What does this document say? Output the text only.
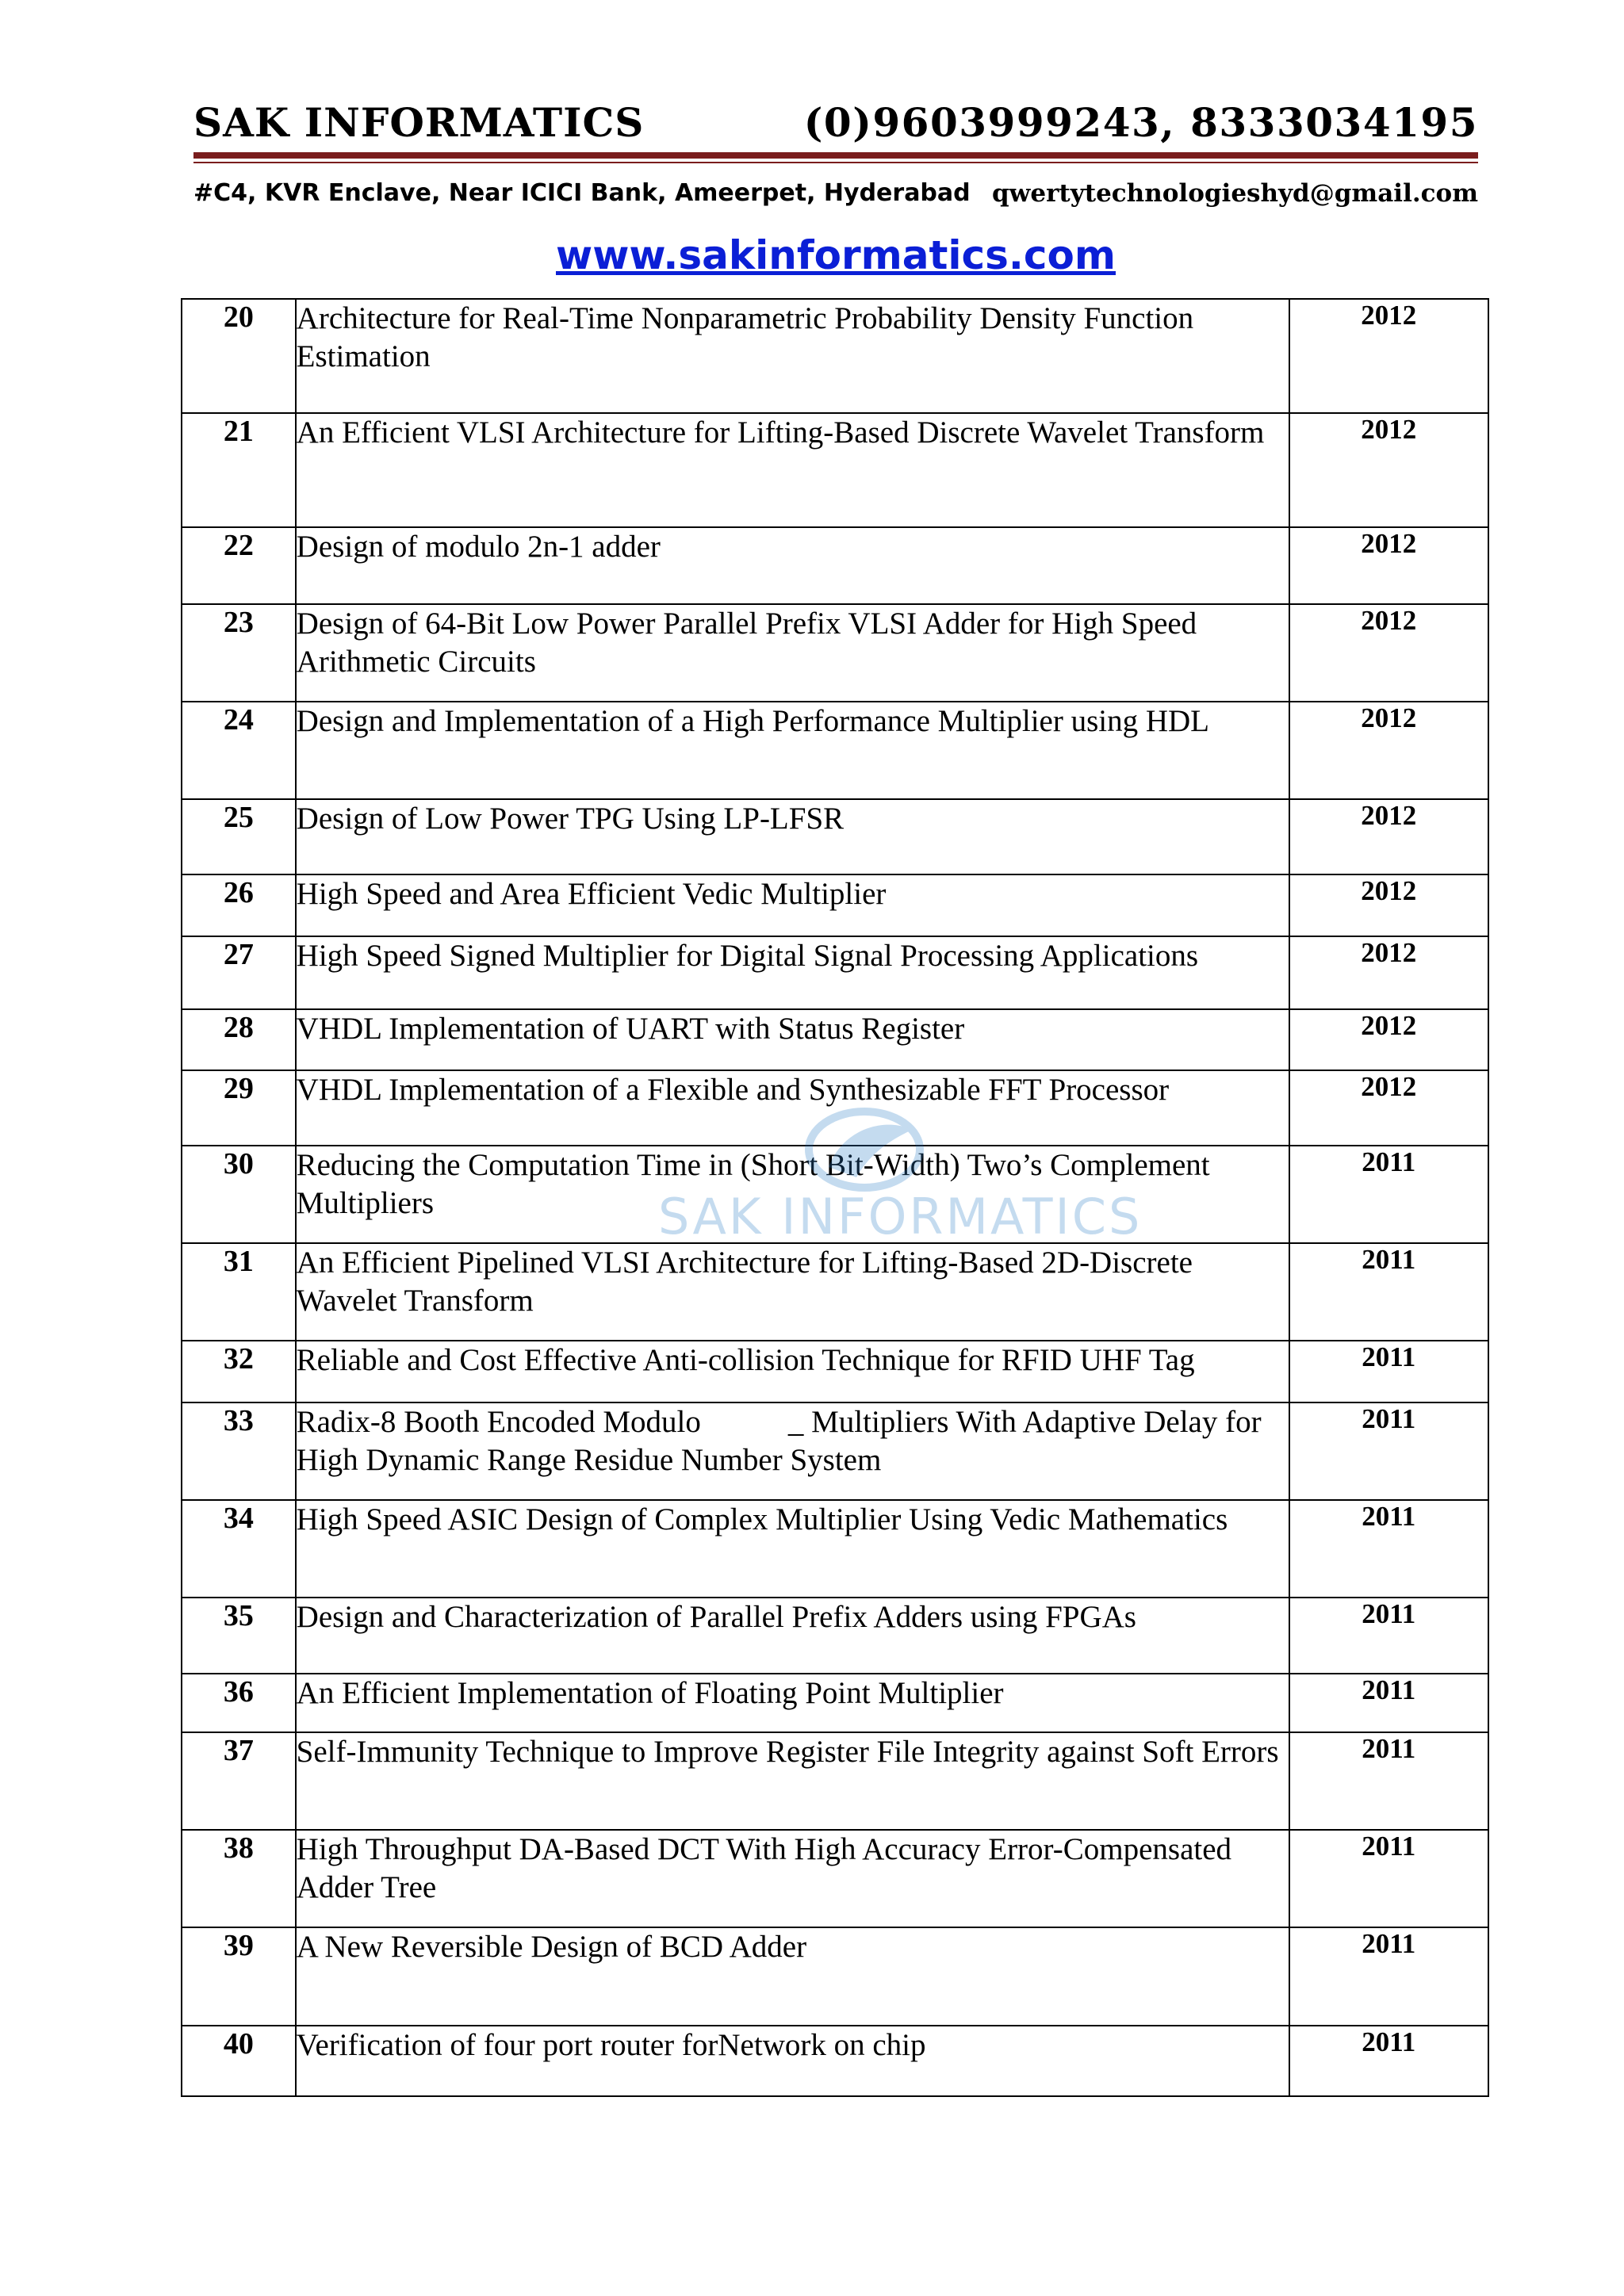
SAK INFORMATICS	(0)9603999243, 8333034195
#C4, KVR Enclave, Near ICICI Bank, Ameerpet, Hyderabad qwertytechnologieshyd@gmail.com
www.sakinformatics.com
20	Architecture for Real-Time Nonparametric Probability Density Function Estimation	2012
21	An Efficient VLSI Architecture for Lifting-Based Discrete Wavelet Transform	2012
22	Design of modulo 2n-1 adder	2012
23	Design of 64-Bit Low Power Parallel Prefix VLSI Adder for High Speed Arithmetic Circuits	2012
24	Design and Implementation of a High Performance Multiplier using HDL	2012
25	Design of Low Power TPG Using LP-LFSR	2012
26	High Speed and Area Efficient Vedic Multiplier	2012
27	High Speed Signed Multiplier for Digital Signal Processing Applications	2012
28	VHDL Implementation of UART with Status Register	2012
29	VHDL Implementation of a Flexible and Synthesizable FFT Processor	2012
30	Reducing the Computation Time in (Short Bit-Width) Two’s Complement Multipliers	2011
31	An Efficient Pipelined VLSI Architecture for Lifting-Based 2D-Discrete Wavelet Transform	2011
32	Reliable and Cost Effective Anti-collision Technique for RFID UHF Tag	2011
33	Radix-8 Booth Encoded Modulo _ Multipliers With Adaptive Delay for High Dynamic Range Residue Number System	2011
34	High Speed ASIC Design of Complex Multiplier Using Vedic Mathematics	2011
35	Design and Characterization of Parallel Prefix Adders using FPGAs	2011
36	An Efficient Implementation of Floating Point Multiplier	2011
37	Self-Immunity Technique to Improve Register File Integrity against Soft Errors	2011
38	High Throughput DA-Based DCT With High Accuracy Error-Compensated Adder Tree	2011
39	A New Reversible Design of BCD Adder	2011
40	Verification of four port router forNetwork on chip	2011
SAK INFORMATICS
